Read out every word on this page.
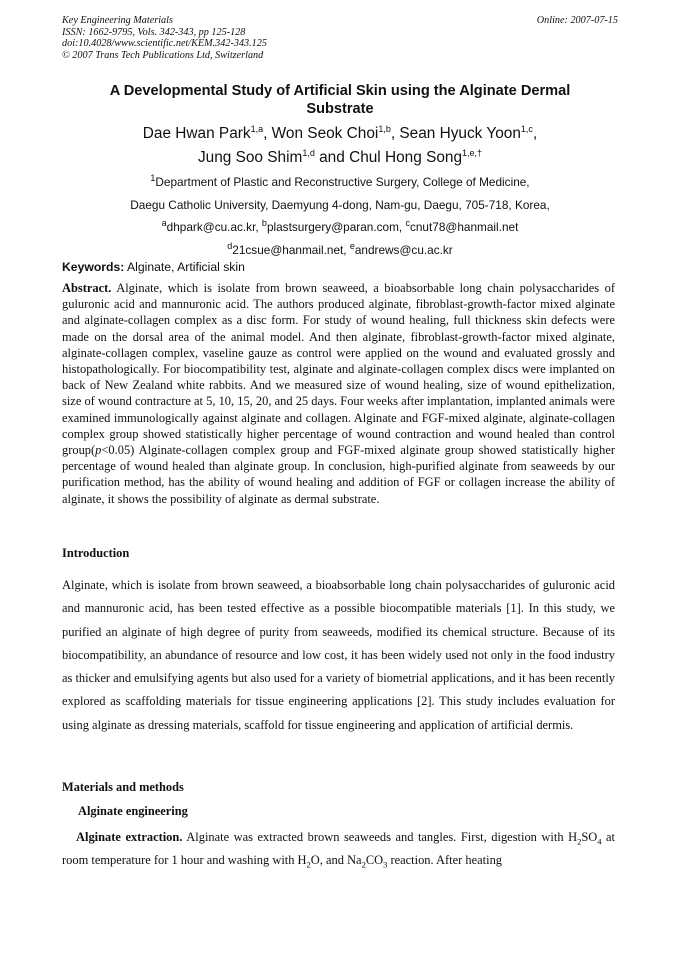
Key Engineering Materials
ISSN: 1662-9795, Vols. 342-343, pp 125-128
doi:10.4028/www.scientific.net/KEM.342-343.125
© 2007 Trans Tech Publications Ltd, Switzerland
Online: 2007-07-15
A Developmental Study of Artificial Skin using the Alginate Dermal
Substrate
Dae Hwan Park$^{1,a}$, Won Seok Choi$^{1,b}$, Sean Hyuck Yoon$^{1,c}$,
Jung Soo Shim$^{1,d}$ and Chul Hong Song$^{1,e,\dagger}$
$^1$Department of Plastic and Reconstructive Surgery, College of Medicine,
Daegu Catholic University, Daemyung 4-dong, Nam-gu, Daegu, 705-718, Korea,
$^a$dhpark@cu.ac.kr, $^b$plastsurgery@paran.com, $^c$cnut78@hanmail.net
$^d$21csue@hanmail.net, $^e$andrews@cu.ac.kr
Keywords: Alginate, Artificial skin
Abstract. Alginate, which is isolate from brown seaweed, a bioabsorbable long chain polysaccharides of guluronic acid and mannuronic acid. The authors produced alginate, fibroblast-growth-factor mixed alginate and alginate-collagen complex as a disc form. For study of wound healing, full thickness skin defects were made on the dorsal area of the animal model. And then alginate, fibroblast-growth-factor mixed alginate, alginate-collagen complex, vaseline gauze as control were applied on the wound and evaluated grossly and histopathologically. For biocompatibility test, alginate and alginate-collagen complex discs were implanted on back of New Zealand white rabbits. And we measured size of wound healing, size of wound epithelization, size of wound contracture at 5, 10, 15, 20, and 25 days. Four weeks after implantation, implanted animals were examined immunologically against alginate and collagen. Alginate and FGF-mixed alginate, alginate-collagen complex group showed statistically higher percentage of wound contraction and wound healed than control group(p<0.05) Alginate-collagen complex group and FGF-mixed alginate group showed statistically higher percentage of wound healed than alginate group. In conclusion, high-purified alginate from seaweeds by our purification method, has the ability of wound healing and addition of FGF or collagen increase the ability of alginate, it shows the possibility of alginate as dermal substrate.
Introduction
Alginate, which is isolate from brown seaweed, a bioabsorbable long chain polysaccharides of guluronic acid and mannuronic acid, has been tested effective as a possible biocompatible materials [1]. In this study, we purified an alginate of high degree of purity from seaweeds, modified its chemical structure. Because of its biocompatibility, an abundance of resource and low cost, it has been widely used not only in the food industry as thicker and emulsifying agents but also used for a variety of biometrial applications, and it has been recently explored as scaffolding materials for tissue engineering applications [2]. This study includes evaluation for using alginate as dressing materials, scaffold for tissue engineering and application of artificial dermis.
Materials and methods
Alginate engineering
Alginate extraction. Alginate was extracted brown seaweeds and tangles. First, digestion with $H_2SO_4$ at room temperature for 1 hour and washing with $H_2O$, and $Na_2CO_3$ reaction. After heating
